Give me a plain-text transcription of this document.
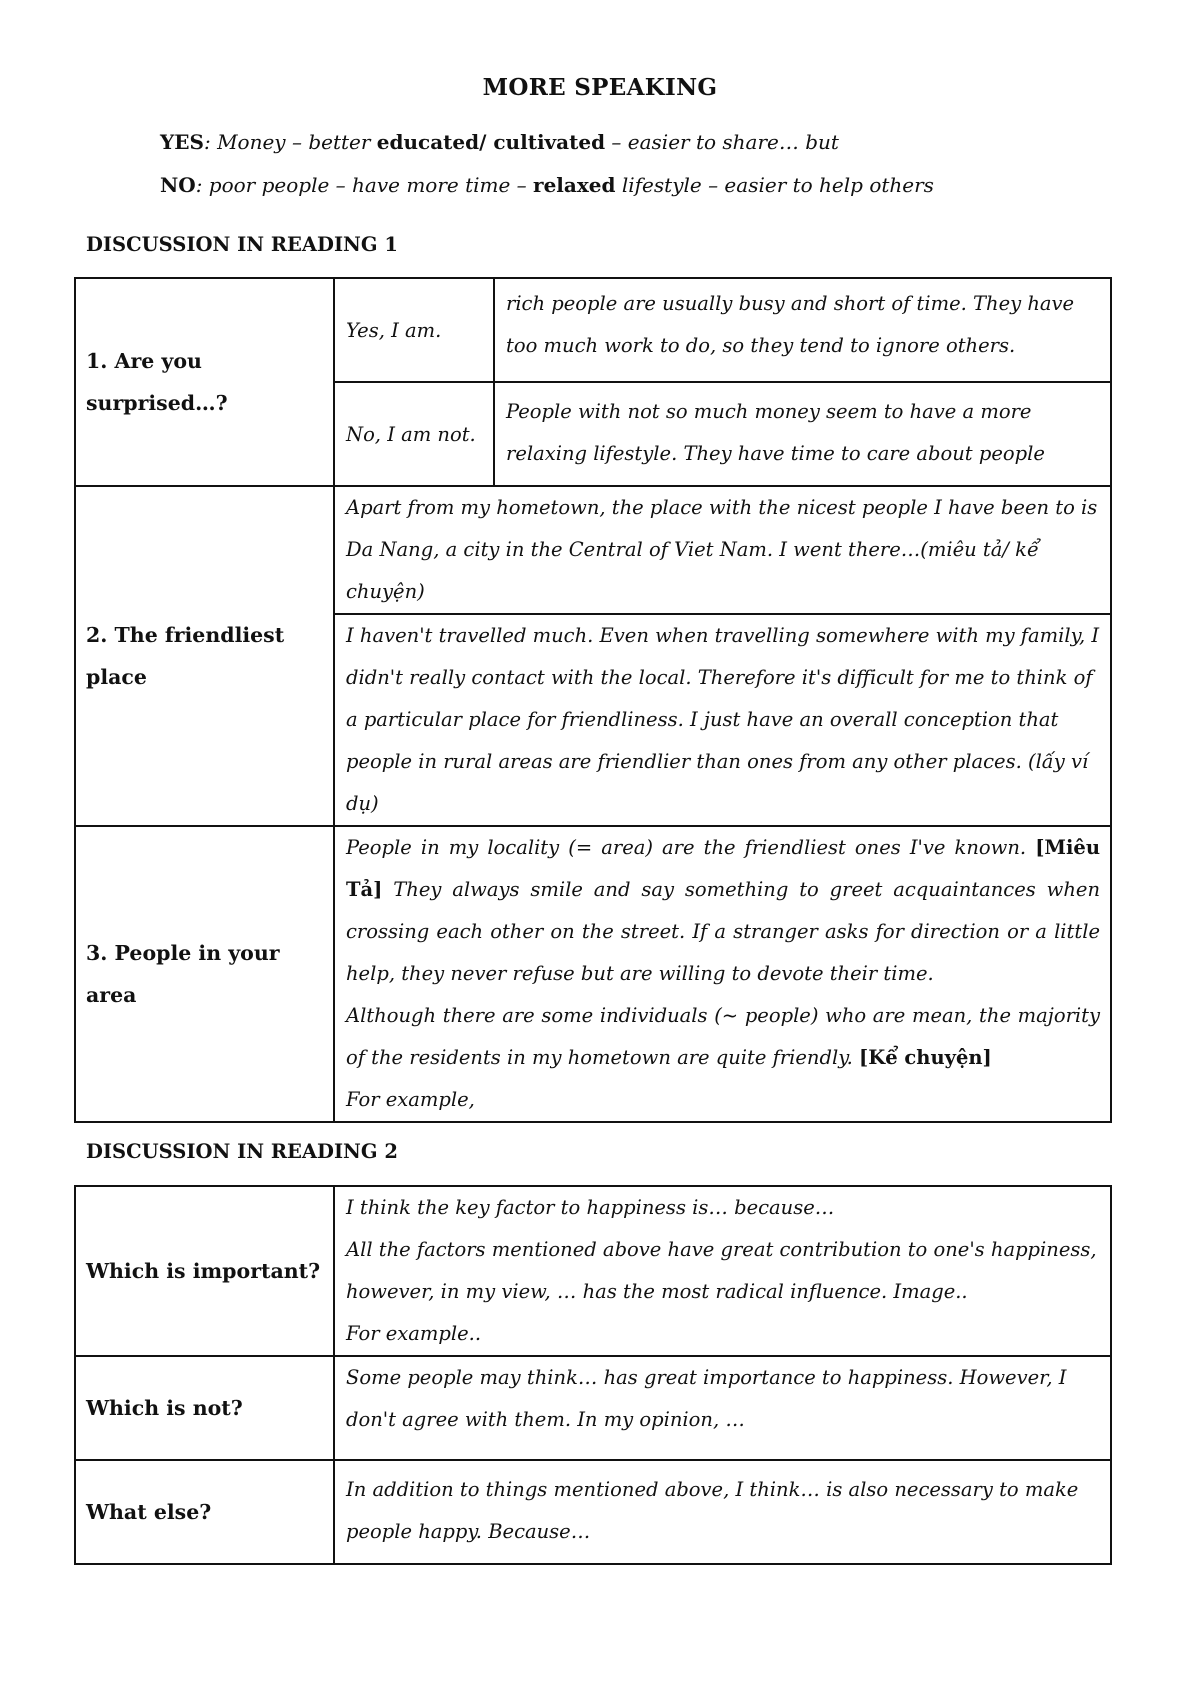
MORE SPEAKING
YES: Money – better educated/ cultivated – easier to share… but
NO: poor people – have more time – relaxed lifestyle – easier to help others
DISCUSSION IN READING 1
1. Are you surprised…?	Yes, I am.	rich people are usually busy and short of time. They have too much work to do, so they tend to ignore others.
	No, I am not.	People with not so much money seem to have a more relaxing lifestyle. They have time to care about people
2. The friendliest place	Apart from my hometown, the place with the nicest people I have been to is Da Nang, a city in the Central of Viet Nam. I went there…(miêu tả/ kể chuyện)	
	I haven't travelled much. Even when travelling somewhere with my family, I didn't really contact with the local. Therefore it's difficult for me to think of a particular place for friendliness. I just have an overall conception that people in rural areas are friendlier than ones from any other places. (lấy ví dụ)	
3. People in your area	People in my locality (= area) are the friendliest ones I've known. [Miêu Tả] They always smile and say something to greet acquaintances when crossing each other on the street. If a stranger asks for direction or a little help, they never refuse but are willing to devote their time.
Although there are some individuals (~ people) who are mean, the majority of the residents in my hometown are quite friendly. [Kể chuyện]
For example,	
DISCUSSION IN READING 2
Which is important?	I think the key factor to happiness is… because…
All the factors mentioned above have great contribution to one's happiness, however, in my view, … has the most radical influence. Image..
For example..

Which is not?	Some people may think… has great importance to happiness. However, I don't agree with them. In my opinion, …
What else?	In addition to things mentioned above, I think… is also necessary to make people happy. Because…
